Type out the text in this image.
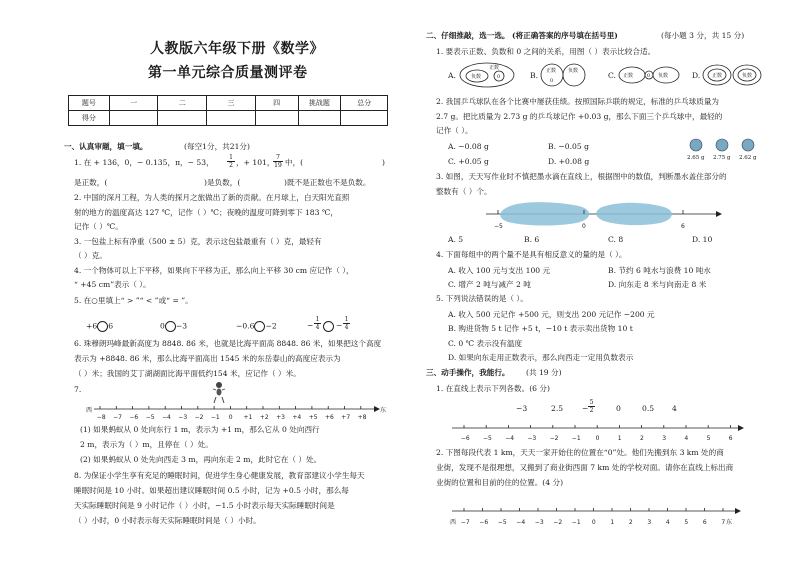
人教版六年级下册《数学》
第一单元综合质量测评卷
题号	一	二	三	四	挑战题	总分
得分						
一、认真审题，填一填。	(每空1分，共21分)
1. 在 + 136，0，− 0.135，π，− 53，
1
2 ，+ 101，
7
19 中，(	)
是正数，(	)是负数，(	)既不是正数也不是负数。
2. 中国的深月工程，为人类的探月之旅做出了新的贡献。在月球上，白天阳光直照
射的地方的温度高达 127 ℃，记作（ ）℃；夜晚的温度可降到零下 183 ℃，
记作（ ）℃。
3. 一包盐上标有净重（500 ± 5）克，表示这包盐最重有（ ）克，最轻有
（ ）克。
4. 一个物体可以上下平移，如果向下平移为正，那么向上平移 30 cm 应记作（ ），
“ +45 cm”表示（ ）。
5. 在○里填上“ > ”“ < ”或“ = ”。
+6 6	0 −3	−0.6 −2	−
1
4 −
1
4
6. 珠穆朗玛峰最新高度为 8848. 86 米，也就是比海平面高 8848. 86 米，如果把这个高度
表示为 +8848. 86 米，那么比海平面高出 1545 米的东岳泰山的高度应表示为
（ ）米；我国的艾丁湖湖面比海平面低约154 米，应记作（ ）米。
7.
西	东
−8 −7 −6 −5 −4 −3 −2 −1 0 +1 +2 +3 +4 +5 +6 +7 +8
(1) 如果蚂蚁从 0 处向东行 1 m，表示为 +1 m，那么它从 0 处向西行
2 m，表示为（ ）m，且停在（ ）处。
(2) 如果蚂蚁从 0 处先向西走 3 m，再向东走 2 m，此时它在（ ）处。
8. 为保证小学生享有充足的睡眠时间，促进学生身心健康发展，教育部建议小学生每天
睡眠时间是 10 小时。如果超出建议睡眠时间 0.5 小时，记为 +0.5 小时，那么每
天实际睡眠时间是 9 小时记作（ ）小时，−1.5 小时表示每天实际睡眠时间是
（ ）小时，0 小时表示每天实际睡眠时间是（ ）小时。
二、仔细推敲，选一选。 (将正确答案的序号填在括号里)	(每小题 3 分，共 15 分)
1. 要表示正数、负数和 0 之间的关系，用图（ ）表示比较合适。
A.
正数
负数	0	B. 正数 负数
0
C. 正数	0 负数	D. 正数	负数
2. 我国乒乓球队在各个比赛中屡获佳绩。按照国际乒联的规定，标准的乒乓球质量为
2.7 g。把比质量为 2.73 g 的乒乓球记作 +0.03 g，那么下面三个乒乓球中，最轻的
记作（ ）。
A. −0.08 g	B. −0.05 g
C. +0.05 g	D. +0.08 g	2.65 g 2.75 g 2.62 g
3. 如图，天天写作业时不慎把墨水滴在直线上，根据图中的数值，判断墨水盖住部分的
整数有（ ）个。
−5	0	6
A. 5	B. 6	C. 8	D. 10
4. 下面每组中的两个量不是具有相反意义的量的是（ ）。
A. 收入 100 元与支出 100 元	B. 节约 6 吨水与浪费 10 吨水
C. 增产 2 吨与减产 2 吨	D. 向东走 8 米与向南走 8 米
5. 下列说法错误的是（ ）。
A. 收入 500 元记作 +500 元，则支出 200 元记作 −200 元
B. 购进货物 5 t 记作 +5 t，−10 t 表示卖出货物 10 t
C. 0 ℃ 表示没有温度
D. 如果向东走用正数表示，那么向西走一定用负数表示
三、动手操作，我能行。 (共 19 分)
1. 在直线上表示下列各数。(6 分)
−3	2.5 −
5
2	0	0.5 4
−6 −5 −4 −3 −2 −1 0	1	2	3	4	5	6
2. 下图每段代表 1 km，天天一家开始住的位置在“0”处。他们先搬到东 3 km 处的商
业街，发现不是很理想，又搬到了商业街西面 7 km 处的学校对面。请你在直线上标出商
业街的位置和目前的住的位置。(4 分)
西	东
−7 −6 −5 −4 −3 −2 −1 0 1 2 3 4 5 6 7
